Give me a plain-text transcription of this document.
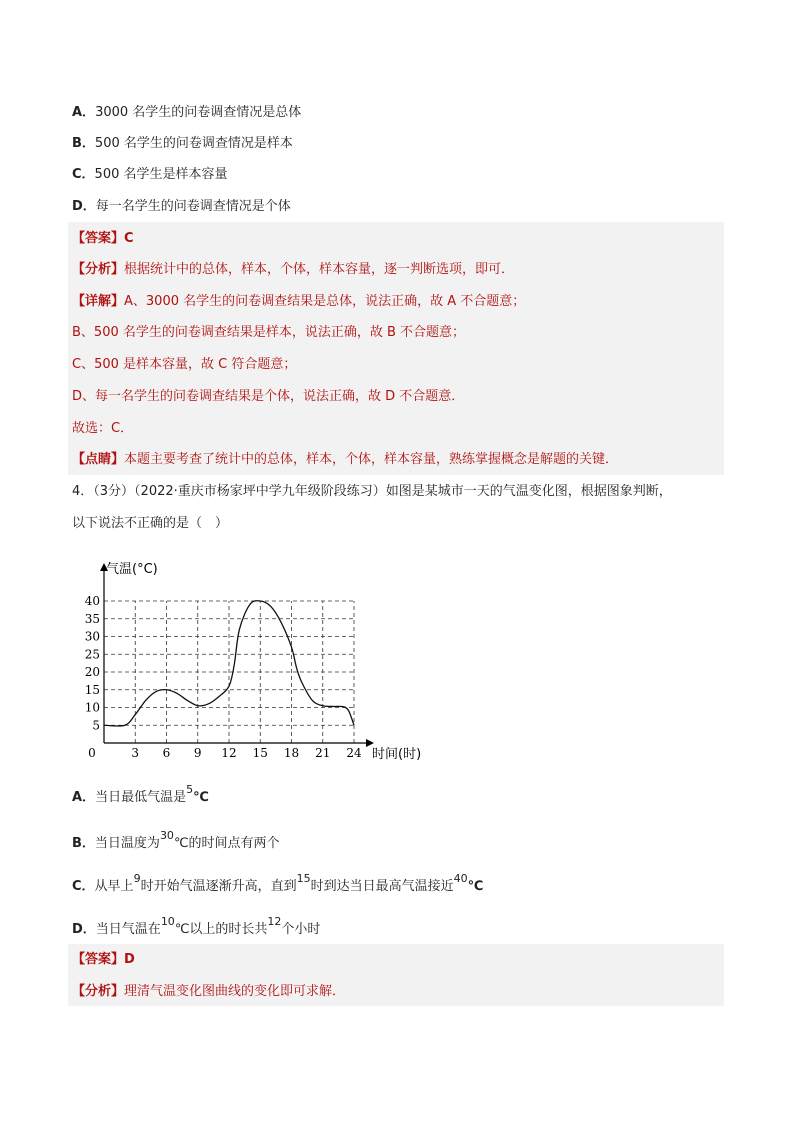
A．3000 名学生的问卷调查情况是总体
B．500 名学生的问卷调查情况是样本
C．500 名学生是样本容量
D．每一名学生的问卷调查情况是个体
【答案】C
【分析】根据统计中的总体，样本，个体，样本容量，逐一判断选项，即可．
【详解】A、3000 名学生的问卷调查结果是总体，说法正确，故 A 不合题意；
B、500 名学生的问卷调查结果是样本，说法正确，故 B 不合题意；
C、500 是样本容量，故 C 符合题意；
D、每一名学生的问卷调查结果是个体，说法正确，故 D 不合题意．
故选：C．
【点睛】本题主要考查了统计中的总体，样本，个体，样本容量，熟练掌握概念是解题的关键．
4．（3分）（2022·重庆市杨家坪中学九年级阶段练习）如图是某城市一天的气温变化图，根据图象判断，
以下说法不正确的是（　）
0	3 6 9 12 15 18 21 24
5
10
15
20
25
30
35
40
气温(°C)
时间(时)
A．当日最低气温是$^5$℃
B．当日温度为$^{30}$℃的时间点有两个
C．从早上$^9$时开始气温逐渐升高，直到$^{15}$时到达当日最高气温接近$^{40}$℃
D．当日气温在$^{10}$℃以上的时长共$^{12}$个小时
【答案】D
【分析】理清气温变化图曲线的变化即可求解．
